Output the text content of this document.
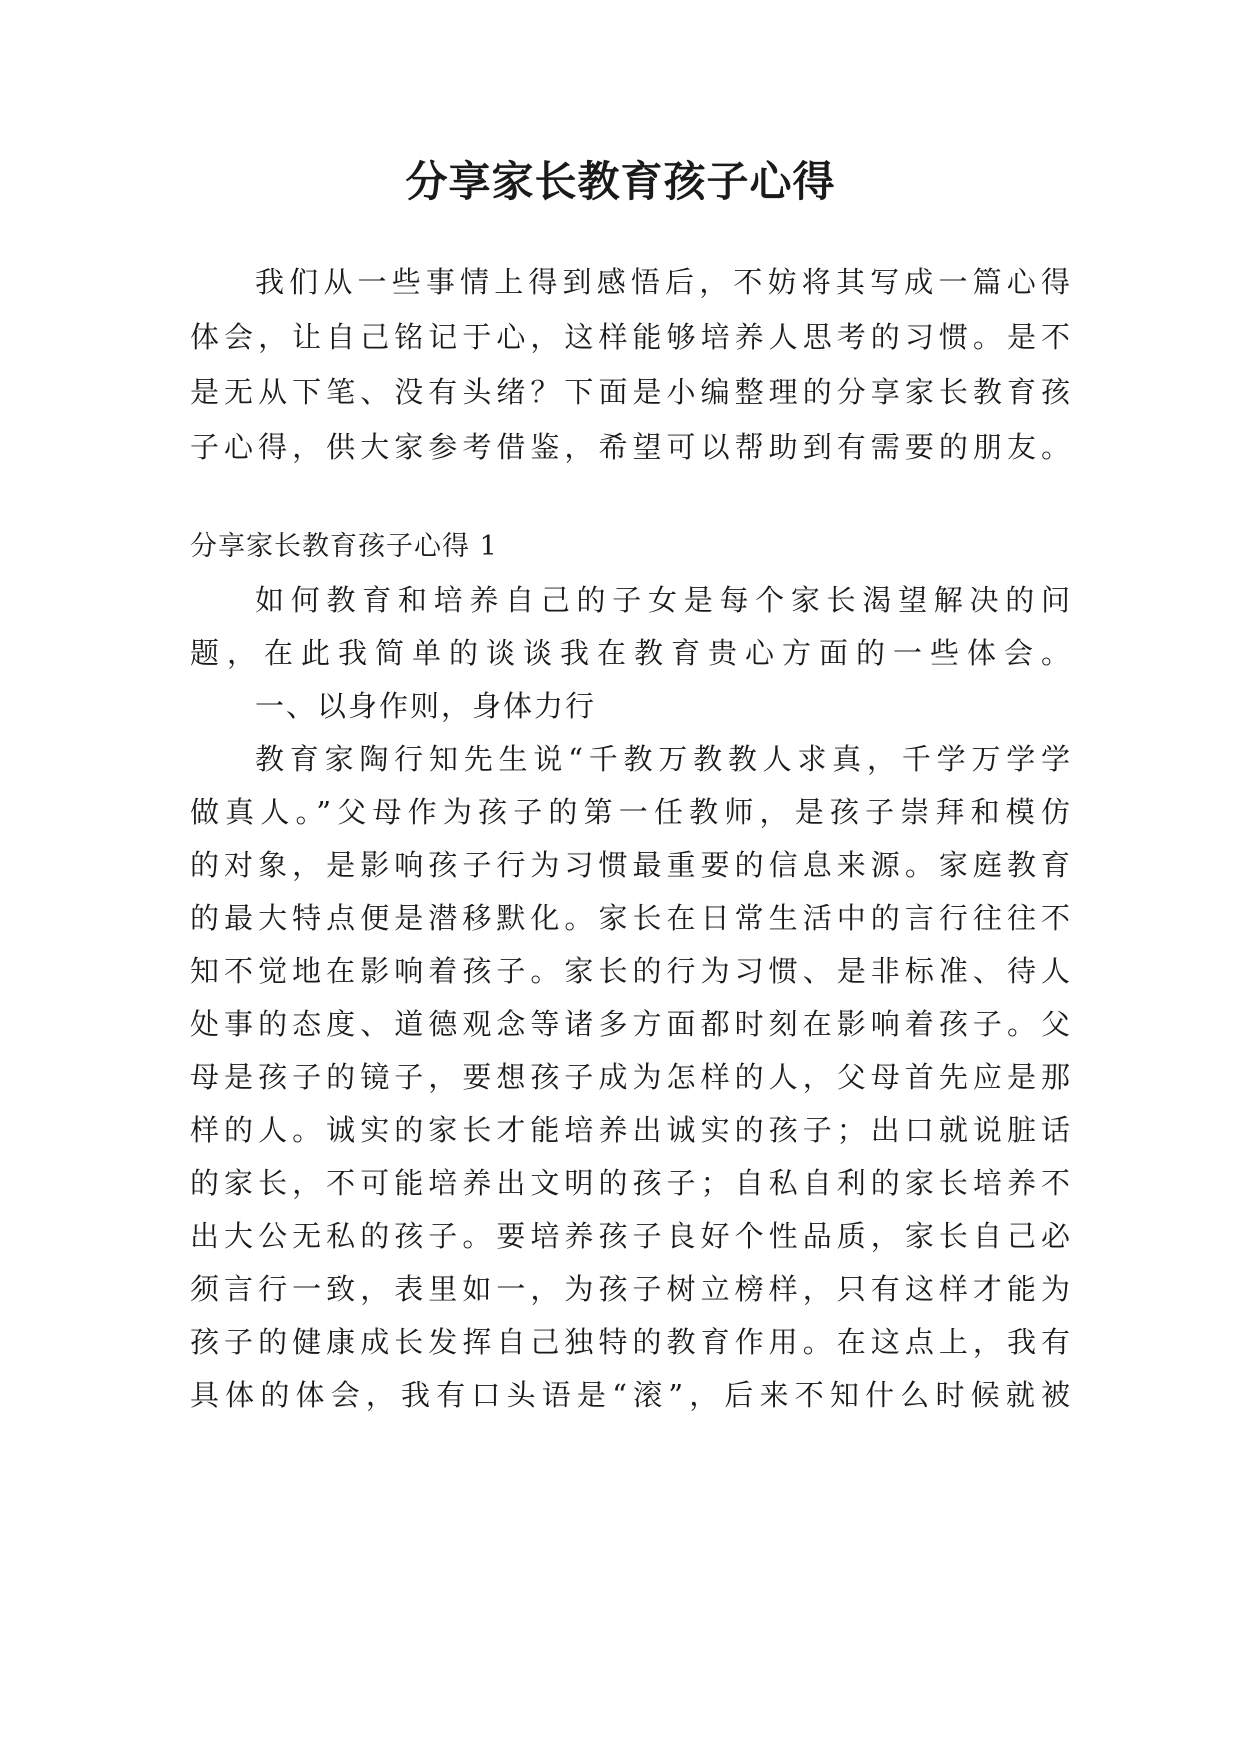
分享家长教育孩子心得

我们从一些事情上得到感悟后，不妨将其写成一篇心得

体会，让自己铭记于心，这样能够培养人思考的习惯。是不

是无从下笔、没有头绪？下面是小编整理的分享家长教育孩

子心得，供大家参考借鉴，希望可以帮助到有需要的朋友。

分享家长教育孩子心得 1

如何教育和培养自己的子女是每个家长渴望解决的问

题，在此我简单的谈谈我在教育贵心方面的一些体会。

一、以身作则，身体力行

教育家陶行知先生说“千教万教教人求真，千学万学学

做真人。”父母作为孩子的第一任教师，是孩子崇拜和模仿

的对象，是影响孩子行为习惯最重要的信息来源。家庭教育

的最大特点便是潜移默化。家长在日常生活中的言行往往不

知不觉地在影响着孩子。家长的行为习惯、是非标准、待人

处事的态度、道德观念等诸多方面都时刻在影响着孩子。父

母是孩子的镜子，要想孩子成为怎样的人，父母首先应是那

样的人。诚实的家长才能培养出诚实的孩子；出口就说脏话

的家长，不可能培养出文明的孩子；自私自利的家长培养不

出大公无私的孩子。要培养孩子良好个性品质，家长自己必

须言行一致，表里如一，为孩子树立榜样，只有这样才能为

孩子的健康成长发挥自己独特的教育作用。在这点上，我有

具体的体会，我有口头语是“滚”，后来不知什么时候就被
